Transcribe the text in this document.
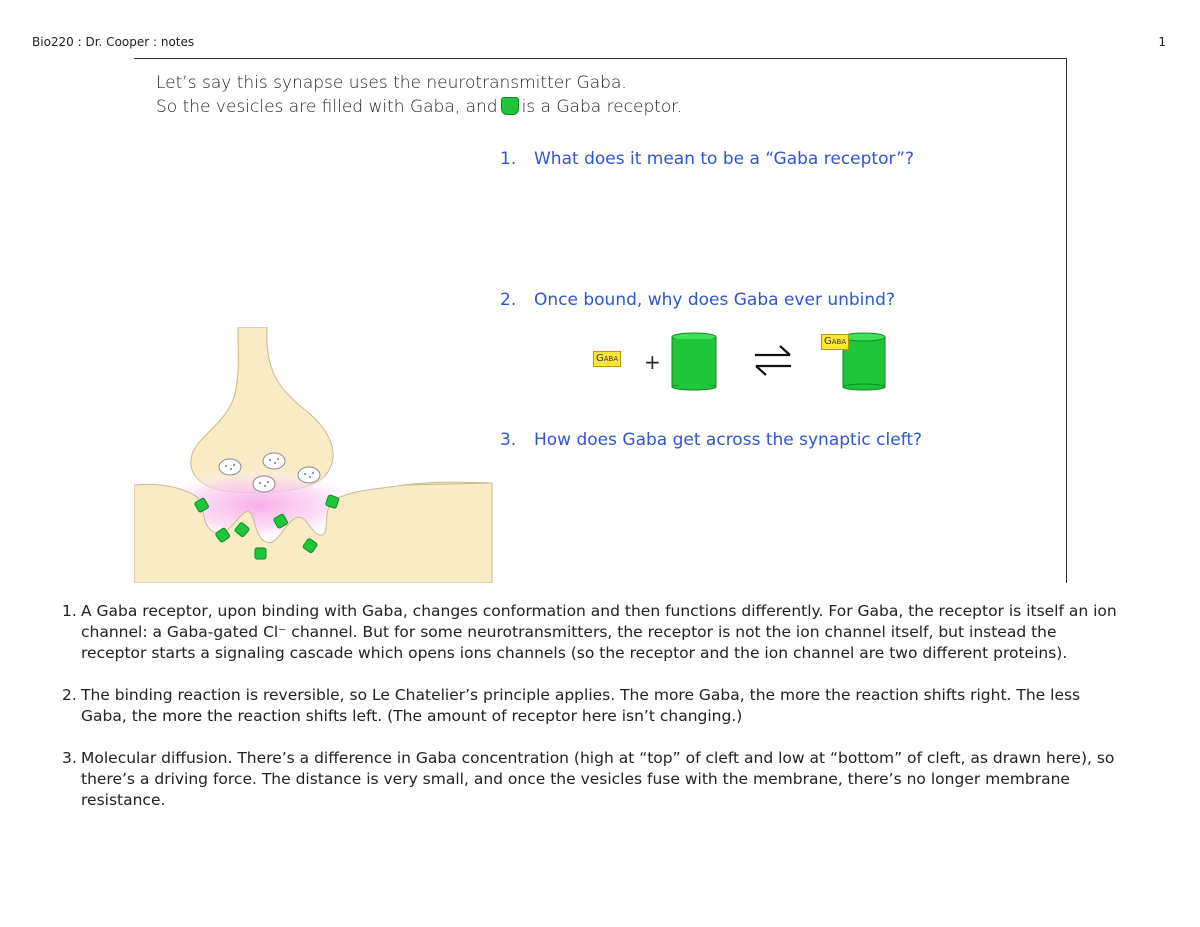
Bio220 : Dr. Cooper : notes	1
Let’s say this synapse uses the neurotransmitter Gaba.
So the vesicles are filled with Gaba, and is a Gaba receptor.
1. What does it mean to be a “Gaba receptor”?
2. Once bound, why does Gaba ever unbind?
3. How does Gaba get across the synaptic cleft?
Gaba +
Gaba
1. A Gaba receptor, upon binding with Gaba, changes conformation and then functions differently. For Gaba, the receptor is itself an ion channel: a Gaba-gated Cl⁻ channel. But for some neurotransmitters, the receptor is not the ion channel itself, but instead the receptor starts a signaling cascade which opens ions channels (so the receptor and the ion channel are two different proteins).
2. The binding reaction is reversible, so Le Chatelier’s principle applies. The more Gaba, the more the reaction shifts right. The less Gaba, the more the reaction shifts left. (The amount of receptor here isn’t changing.)
3. Molecular diffusion. There’s a difference in Gaba concentration (high at “top” of cleft and low at “bottom” of cleft, as drawn here), so there’s a driving force. The distance is very small, and once the vesicles fuse with the membrane, there’s no longer membrane resistance.
